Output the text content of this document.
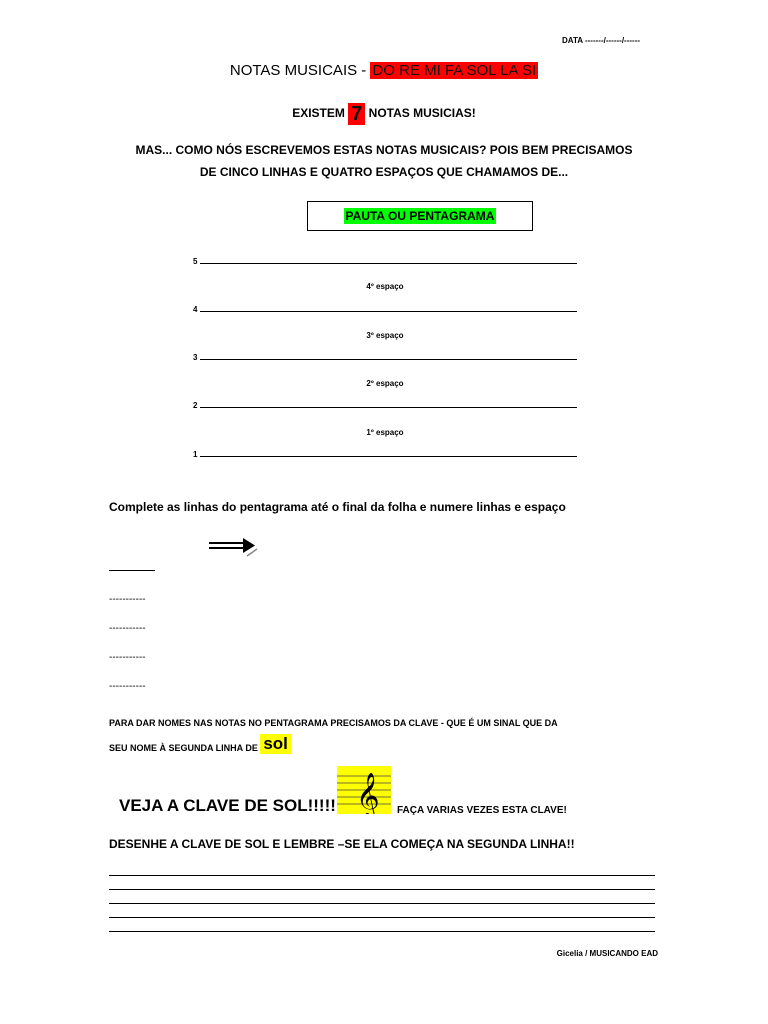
DATA -------/------/------
NOTAS MUSICAIS - DO RE MI FA SOL LA SI
EXISTEM 7 NOTAS MUSICIAS!
MAS... COMO NÓS ESCREVEMOS ESTAS NOTAS MUSICAIS? POIS BEM PRECISAMOS
DE CINCO LINHAS E QUATRO ESPAÇOS QUE CHAMAMOS DE...
PAUTA OU PENTAGRAMA
5
4º espaço
4
3º espaço
3
2º espaço
2
1º espaço
1
Complete as linhas do pentagrama até o final da folha e numere linhas e espaço
-----------
-----------
-----------
-----------
PARA DAR NOMES NAS NOTAS NO PENTAGRAMA PRECISAMOS DA CLAVE - QUE É UM SINAL QUE DA
SEU NOME À SEGUNDA LINHA DE sol
VEJA A CLAVE DE SOL!!!!! 𝄞 FAÇA VARIAS VEZES ESTA CLAVE!
DESENHE A CLAVE DE SOL E LEMBRE –SE ELA COMEÇA NA SEGUNDA LINHA!!
Gicelia / MUSICANDO EAD
